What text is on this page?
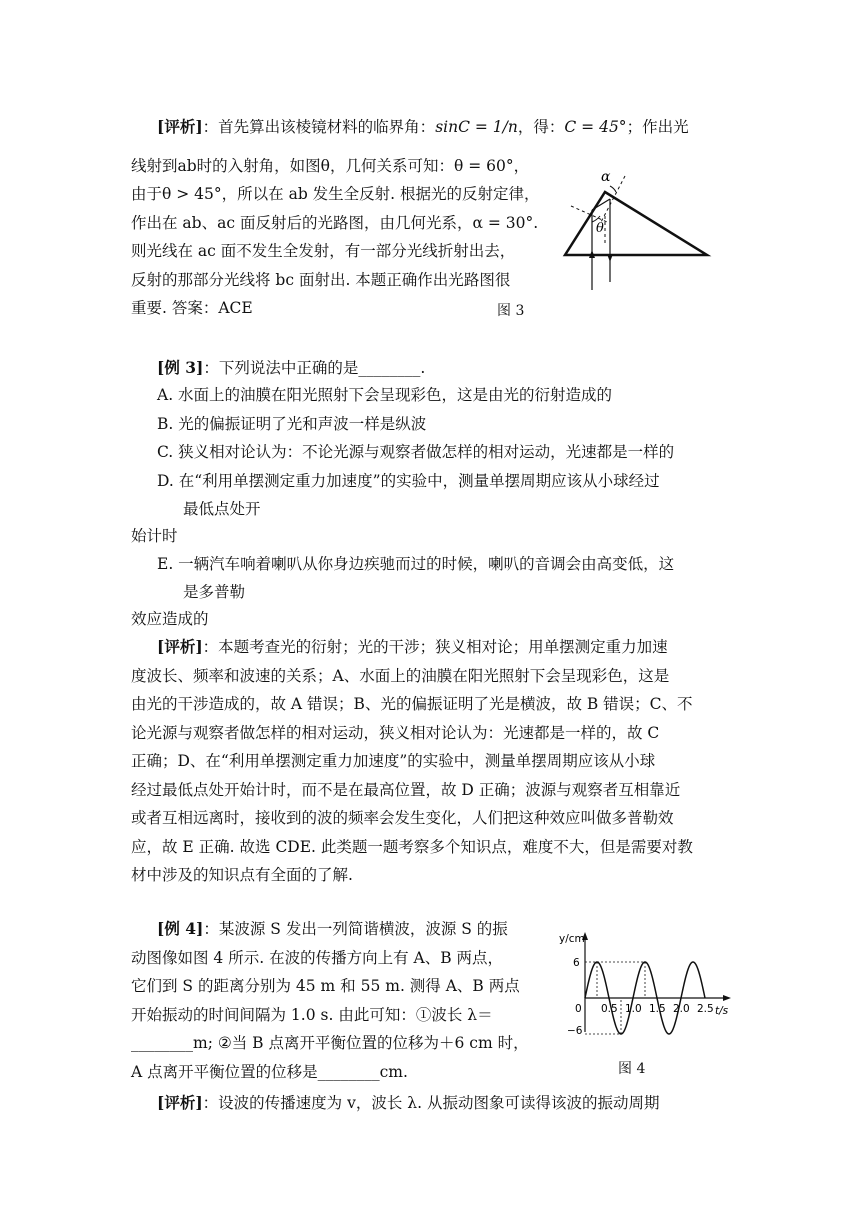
[评析]：首先算出该棱镜材料的临界角：sinC = 1/n，得：C = 45°；作出光
线射到ab时的入射角，如图θ，几何关系可知：θ = 60°，
由于θ > 45°，所以在 ab 发生全反射. 根据光的反射定律，
作出在 ab、ac 面反射后的光路图，由几何光系，α = 30°.
则光线在 ac 面不发生全发射，有一部分光线折射出去，
反射的那部分光线将 bc 面射出. 本题正确作出光路图很
重要. 答案：ACE
α
θ
图 3
[例 3]：下列说法中正确的是________.
A. 水面上的油膜在阳光照射下会呈现彩色，这是由光的衍射造成的
B. 光的偏振证明了光和声波一样是纵波
C. 狭义相对论认为：不论光源与观察者做怎样的相对运动，光速都是一样的
D. 在“利用单摆测定重力加速度”的实验中，测量单摆周期应该从小球经过
最低点处开
始计时
E. 一辆汽车响着喇叭从你身边疾驰而过的时候，喇叭的音调会由高变低，这
是多普勒
效应造成的
[评析]：本题考查光的衍射；光的干涉；狭义相对论；用单摆测定重力加速
度波长、频率和波速的关系；A、水面上的油膜在阳光照射下会呈现彩色，这是
由光的干涉造成的，故 A 错误；B、光的偏振证明了光是横波，故 B 错误；C、不
论光源与观察者做怎样的相对运动，狭义相对论认为：光速都是一样的，故 C
正确；D、在“利用单摆测定重力加速度”的实验中，测量单摆周期应该从小球
经过最低点处开始计时，而不是在最高位置，故 D 正确；波源与观察者互相靠近
或者互相远离时，接收到的波的频率会发生变化，人们把这种效应叫做多普勒效
应，故 E 正确. 故选 CDE. 此类题一题考察多个知识点，难度不大，但是需要对教
材中涉及的知识点有全面的了解.
[例 4]：某波源 S 发出一列简谐横波，波源 S 的振
动图像如图 4 所示. 在波的传播方向上有 A、B 两点，
它们到 S 的距离分别为 45 m 和 55 m. 测得 A、B 两点
开始振动的时间间隔为 1.0 s. 由此可知：①波长 λ＝
________m; ②当 B 点离开平衡位置的位移为＋6 cm 时，
A 点离开平衡位置的位移是________cm.
y/cm
t/s
6
−6
0 0.5 1.0 1.5 2.0 2.5
图 4
[评析]：设波的传播速度为 v，波长 λ. 从振动图象可读得该波的振动周期
